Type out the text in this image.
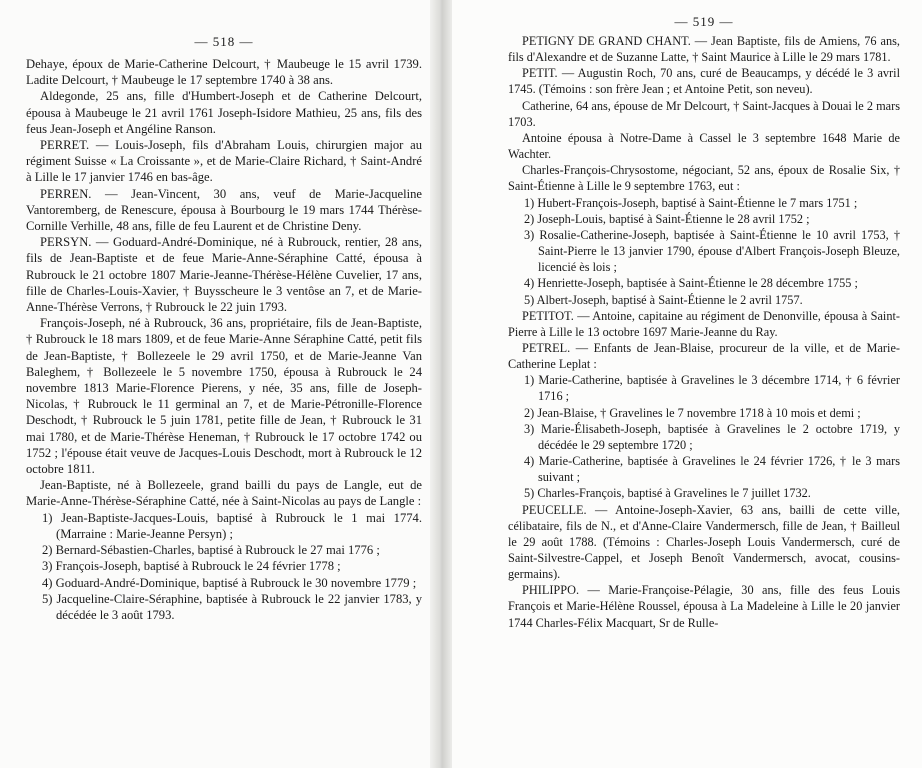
— 518 —

Dehaye, époux de Marie-Catherine Delcourt, † Maubeuge le 15 avril 1739. Ladite Delcourt, † Maubeuge le 17 septembre 1740 à 38 ans.

Aldegonde, 25 ans, fille d'Humbert-Joseph et de Catherine Delcourt, épousa à Maubeuge le 21 avril 1761 Joseph-Isidore Mathieu, 25 ans, fils des feus Jean-Joseph et Angéline Ranson.

PERRET. — Louis-Joseph, fils d'Abraham Louis, chirurgien major au régiment Suisse « La Croissante », et de Marie-Claire Richard, † Saint-André à Lille le 17 janvier 1746 en bas-âge.

PERREN. — Jean-Vincent, 30 ans, veuf de Marie-Jacqueline Vantoremberg, de Renescure, épousa à Bourbourg le 19 mars 1744 Thérèse-Cornille Verhille, 48 ans, fille de feu Laurent et de Christine Deny.

PERSYN. — Goduard-André-Dominique, né à Rubrouck, rentier, 28 ans, fils de Jean-Baptiste et de feue Marie-Anne-Séraphine Catté, épousa à Rubrouck le 21 octobre 1807 Marie-Jeanne-Thérèse-Hélène Cuvelier, 17 ans, fille de Charles-Louis-Xavier, † Buysscheure le 3 ventôse an 7, et de Marie-Anne-Thérèse Verrons, † Rubrouck le 22 juin 1793.

François-Joseph, né à Rubrouck, 36 ans, propriétaire, fils de Jean-Baptiste, † Rubrouck le 18 mars 1809, et de feue Marie-Anne Séraphine Catté, petit fils de Jean-Baptiste, † Bollezeele le 29 avril 1750, et de Marie-Jeanne Van Baleghem, † Bollezeele le 5 novembre 1750, épousa à Rubrouck le 24 novembre 1813 Marie-Florence Pierens, y née, 35 ans, fille de Joseph-Nicolas, † Rubrouck le 11 germinal an 7, et de Marie-Pétronille-Florence Deschodt, † Rubrouck le 5 juin 1781, petite fille de Jean, † Rubrouck le 31 mai 1780, et de Marie-Thérèse Heneman, † Rubrouck le 17 octobre 1742 ou 1752 ; l'épouse était veuve de Jacques-Louis Deschodt, mort à Rubrouck le 12 octobre 1811.

Jean-Baptiste, né à Bollezeele, grand bailli du pays de Langle, eut de Marie-Anne-Thérèse-Séraphine Catté, née à Saint-Nicolas au pays de Langle :

1) Jean-Baptiste-Jacques-Louis, baptisé à Rubrouck le 1 mai 1774. (Marraine : Marie-Jeanne Persyn) ;

2) Bernard-Sébastien-Charles, baptisé à Rubrouck le 27 mai 1776 ;

3) François-Joseph, baptisé à Rubrouck le 24 février 1778 ;

4) Goduard-André-Dominique, baptisé à Rubrouck le 30 novembre 1779 ;

5) Jacqueline-Claire-Séraphine, baptisée à Rubrouck le 22 janvier 1783, y décédée le 3 août 1793.

— 519 —

PETIGNY DE GRAND CHANT. — Jean Baptiste, fils de Amiens, 76 ans, fils d'Alexandre et de Suzanne Latte, † Saint Maurice à Lille le 29 mars 1781.

PETIT. — Augustin Roch, 70 ans, curé de Beaucamps, y décédé le 3 avril 1745. (Témoins : son frère Jean ; et Antoine Petit, son neveu).

Catherine, 64 ans, épouse de Mr Delcourt, † Saint-Jacques à Douai le 2 mars 1703.

Antoine épousa à Notre-Dame à Cassel le 3 septembre 1648 Marie de Wachter.

Charles-François-Chrysostome, négociant, 52 ans, époux de Rosalie Six, † Saint-Étienne à Lille le 9 septembre 1763, eut :

1) Hubert-François-Joseph, baptisé à Saint-Étienne le 7 mars 1751 ;

2) Joseph-Louis, baptisé à Saint-Étienne le 28 avril 1752 ;

3) Rosalie-Catherine-Joseph, baptisée à Saint-Étienne le 10 avril 1753, † Saint-Pierre le 13 janvier 1790, épouse d'Albert François-Joseph Bleuze, licencié ès lois ;

4) Henriette-Joseph, baptisée à Saint-Étienne le 28 décembre 1755 ;

5) Albert-Joseph, baptisé à Saint-Étienne le 2 avril 1757.

PETITOT. — Antoine, capitaine au régiment de Denonville, épousa à Saint-Pierre à Lille le 13 octobre 1697 Marie-Jeanne du Ray.

PETREL. — Enfants de Jean-Blaise, procureur de la ville, et de Marie-Catherine Leplat :

1) Marie-Catherine, baptisée à Gravelines le 3 décembre 1714, † 6 février 1716 ;

2) Jean-Blaise, † Gravelines le 7 novembre 1718 à 10 mois et demi ;

3) Marie-Élisabeth-Joseph, baptisée à Gravelines le 2 octobre 1719, y décédée le 29 septembre 1720 ;

4) Marie-Catherine, baptisée à Gravelines le 24 février 1726, † le 3 mars suivant ;

5) Charles-François, baptisé à Gravelines le 7 juillet 1732.

PEUCELLE. — Antoine-Joseph-Xavier, 63 ans, bailli de cette ville, célibataire, fils de N., et d'Anne-Claire Vandermersch, fille de Jean, † Bailleul le 29 août 1788. (Témoins : Charles-Joseph Louis Vandermersch, curé de Saint-Silvestre-Cappel, et Joseph Benoît Vandermersch, avocat, cousins-germains).

PHILIPPO. — Marie-Françoise-Pélagie, 30 ans, fille des feus Louis François et Marie-Hélène Roussel, épousa à La Madeleine à Lille le 20 janvier 1744 Charles-Félix Macquart, Sr de Rulle-
